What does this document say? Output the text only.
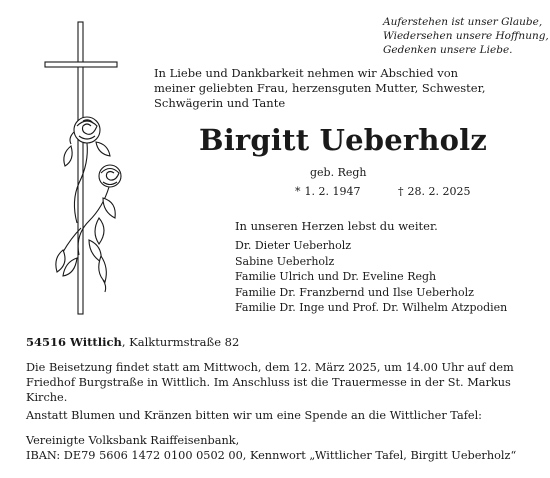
Auferstehen ist unser Glaube,
Wiedersehen unsere Hoffnung,
Gedenken unsere Liebe.
In Liebe und Dankbarkeit nehmen wir Abschied von
meiner geliebten Frau, herzensguten Mutter, Schwester,
Schwägerin und Tante
Birgitt Ueberholz
geb. Regh
* 1. 2. 1947	† 28. 2. 2025
In unseren Herzen lebst du weiter.
Dr. Dieter Ueberholz
Sabine Ueberholz
Familie Ulrich und Dr. Eveline Regh
Familie Dr. Franzbernd und Ilse Ueberholz
Familie Dr. Inge und Prof. Dr. Wilhelm Atzpodien
54516 Wittlich, Kalkturmstraße 82
Die Beisetzung findet statt am Mittwoch, dem 12. März 2025, um 14.00 Uhr auf dem
Friedhof Burgstraße in Wittlich. Im Anschluss ist die Trauermesse in der St. Markus
Kirche.
Anstatt Blumen und Kränzen bitten wir um eine Spende an die Wittlicher Tafel:
Vereinigte Volksbank Raiffeisenbank,
IBAN: DE79 5606 1472 0100 0502 00, Kennwort „Wittlicher Tafel, Birgitt Ueberholz“
